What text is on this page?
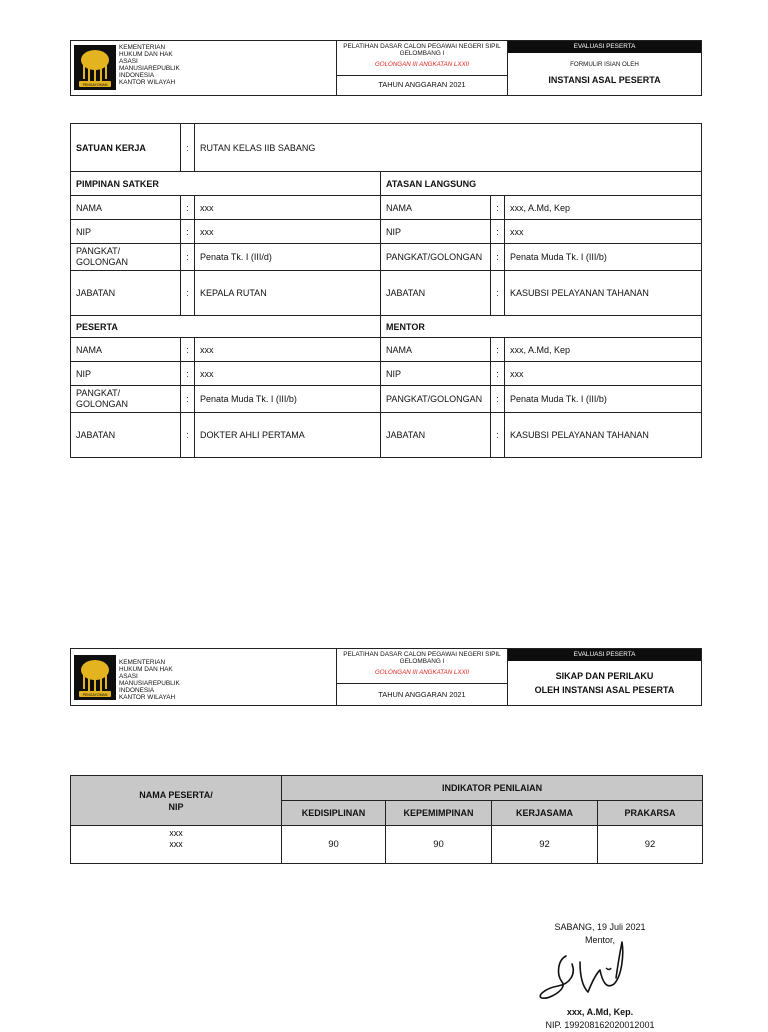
PENGAYOMAN
KEMENTERIAN
HUKUM DAN HAK
ASASI
MANUSIAREPUBLIK
INDONESIA
KANTOR WILAYAH
PELATIHAN DASAR CALON PEGAWAI NEGERI SIPIL
GELOMBANG I
GOLONGAN III ANGKATAN LXXII
TAHUN ANGGARAN 2021
EVALUASI PESERTA
FORMULIR ISIAN OLEH
INSTANSI ASAL PESERTA
SATUAN KERJA	:	RUTAN KELAS IIB SABANG			
PIMPINAN SATKER			ATASAN LANGSUNG		
NAMA	:	xxx	NAMA	:	xxx, A.Md, Kep
NIP	:	xxx	NIP	:	xxx
PANGKAT/
GOLONGAN	:	Penata Tk. I (III/d)	PANGKAT/GOLONGAN	:	Penata Muda Tk. I (III/b)
JABATAN	:	KEPALA RUTAN	JABATAN	:	KASUBSI PELAYANAN TAHANAN
PESERTA			MENTOR		
NAMA	:	xxx	NAMA	:	xxx, A.Md, Kep
NIP	:	xxx	NIP	:	xxx
PANGKAT/
GOLONGAN	:	Penata Muda Tk. I (III/b)	PANGKAT/GOLONGAN	:	Penata Muda Tk. I (III/b)
JABATAN	:	DOKTER AHLI PERTAMA	JABATAN	:	KASUBSI PELAYANAN TAHANAN
PENGAYOMAN
KEMENTERIAN
HUKUM DAN HAK
ASASI
MANUSIAREPUBLIK
INDONESIA
KANTOR WILAYAH
PELATIHAN DASAR CALON PEGAWAI NEGERI SIPIL
GELOMBANG I
GOLONGAN III ANGKATAN LXXII
TAHUN ANGGARAN 2021
EVALUASI PESERTA
SIKAP DAN PERILAKU
OLEH INSTANSI ASAL PESERTA
NAMA PESERTA/
NIP	INDIKATOR PENILAIAN			
	KEDISIPLINAN	KEPEMIMPINAN	KERJASAMA	PRAKARSA

xxx
xxx	90	90	92	92
SABANG, 19 Juli 2021
Mentor,
xxx, A.Md, Kep.
NIP. 199208162020012001
